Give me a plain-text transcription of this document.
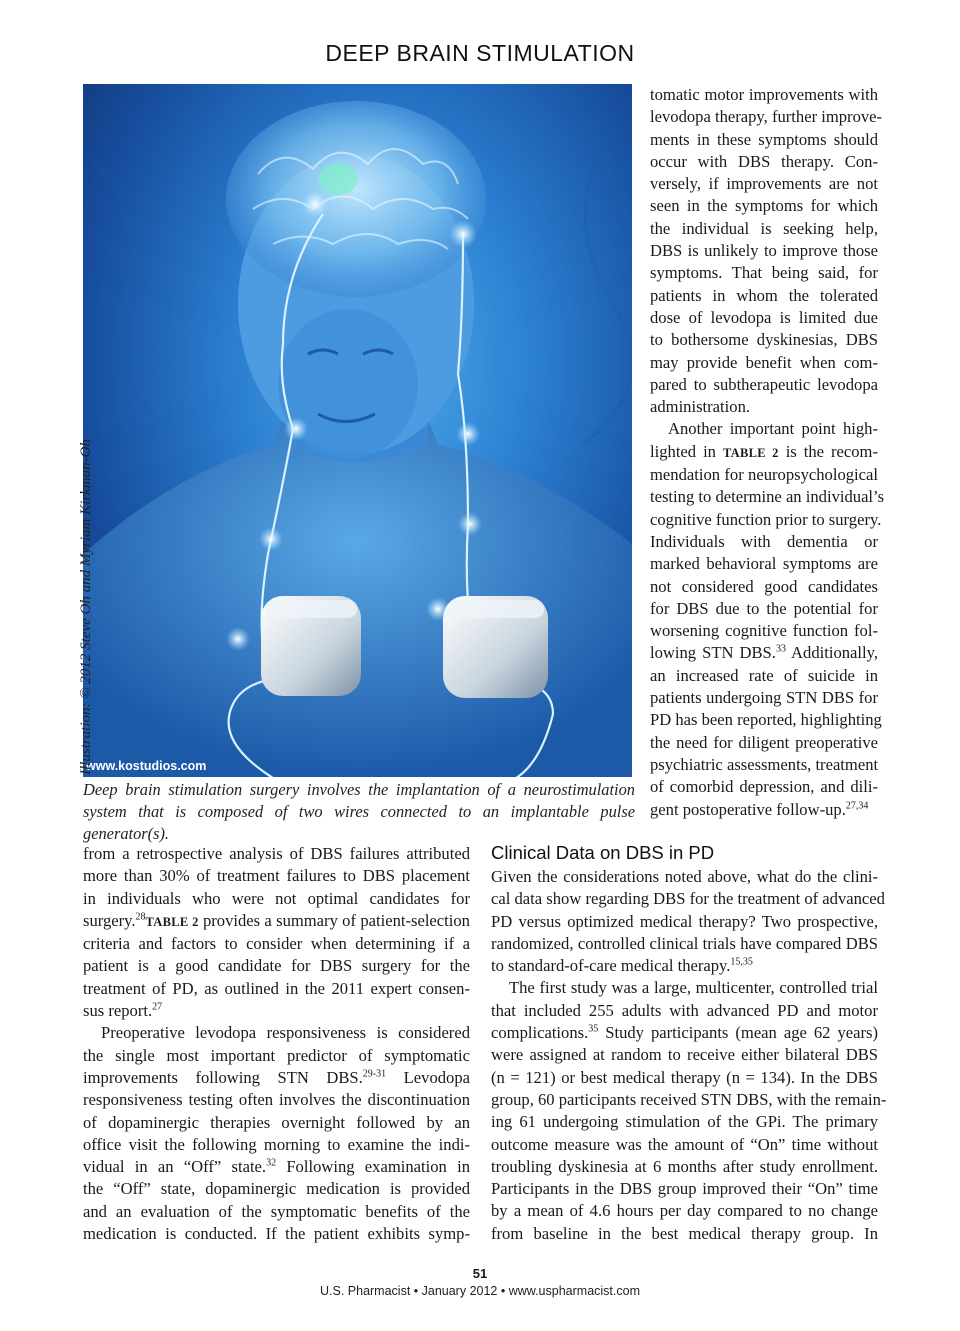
DEEP BRAIN STIMULATION
www.kostudios.com
Illustration: © 2012 Steve Oh and Myriam Kirkman-Oh
Deep brain stimulation surgery involves the implantation of a neurostimulation
system that is composed of two wires connected to an implantable pulse generator(s).
tomatic motor improvements with
levodopa therapy, further improve-
ments in these symptoms should
occur with DBS therapy. Con-
versely, if improvements are not
seen in the symptoms for which
the individual is seeking help,
DBS is unlikely to improve those
symptoms. That being said, for
patients in whom the tolerated
dose of levodopa is limited due
to bothersome dyskinesias, DBS
may provide benefit when com-
pared to subtherapeutic levodopa
administration.
Another important point high-
lighted in TABLE 2 is the recom-
mendation for neuropsychological
testing to determine an individual’s
cognitive function prior to surgery.
Individuals with dementia or
marked behavioral symptoms are
not considered good candidates
for DBS due to the potential for
worsening cognitive function fol-
lowing STN DBS.$^{33}$ Additionally,
an increased rate of suicide in
patients undergoing STN DBS for
PD has been reported, highlighting
the need for diligent preoperative
psychiatric assessments, treatment
of comorbid depression, and dili-
gent postoperative follow-up.$^{27,34}$
from a retrospective analysis of DBS failures attributed
more than 30% of treatment failures to DBS placement
in individuals who were not optimal candidates for
surgery.$^{28}$TABLE 2 provides a summary of patient-selection
criteria and factors to consider when determining if a
patient is a good candidate for DBS surgery for the
treatment of PD, as outlined in the 2011 expert consen-
sus report.$^{27}$
Preoperative levodopa responsiveness is considered
the single most important predictor of symptomatic
improvements following STN DBS.$^{29-31}$ Levodopa
responsiveness testing often involves the discontinuation
of dopaminergic therapies overnight followed by an
office visit the following morning to examine the indi-
vidual in an “Off” state.$^{32}$ Following examination in
the “Off” state, dopaminergic medication is provided
and an evaluation of the symptomatic benefits of the
medication is conducted. If the patient exhibits symp-
Clinical Data on DBS in PD
Given the considerations noted above, what do the clini-
cal data show regarding DBS for the treatment of advanced
PD versus optimized medical therapy? Two prospective,
randomized, controlled clinical trials have compared DBS
to standard-of-care medical therapy.$^{15,35}$
The first study was a large, multicenter, controlled trial
that included 255 adults with advanced PD and motor
complications.$^{35}$ Study participants (mean age 62 years)
were assigned at random to receive either bilateral DBS
(n = 121) or best medical therapy (n = 134). In the DBS
group, 60 participants received STN DBS, with the remain-
ing 61 undergoing stimulation of the GPi. The primary
outcome measure was the amount of “On” time without
troubling dyskinesia at 6 months after study enrollment.
Participants in the DBS group improved their “On” time
by a mean of 4.6 hours per day compared to no change
from baseline in the best medical therapy group. In
51
U.S. Pharmacist • January 2012 • www.uspharmacist.com
